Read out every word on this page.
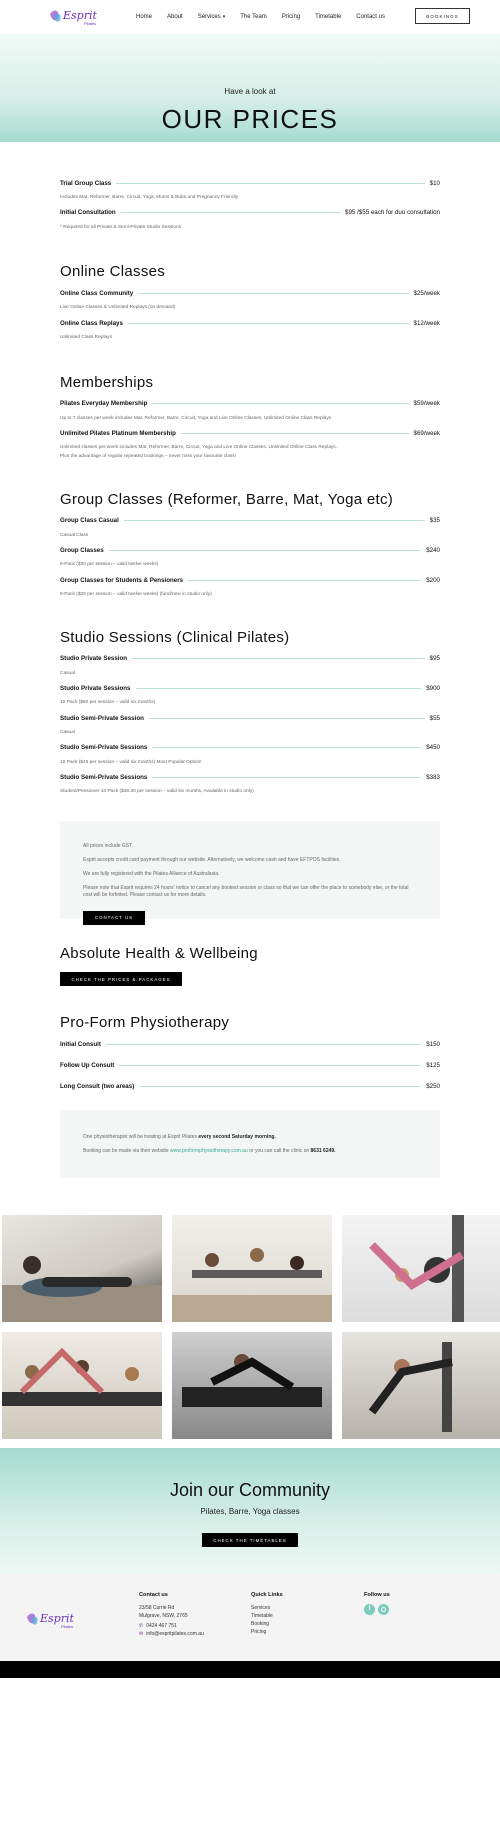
Esprit
Pilates
Home	About	Services ▾	The Team	Pricing	Timetable	Contact us	BOOKINGS
Have a look at
OUR PRICES
Trial Group Class	$10
Includes Mat, Reformer, Barre, Circuit, Yoga, Mums & Bubs and Pregnancy Friendly
Initial Consultation	$95 /$55 each for duo consultation
* Required for all Private & Semi-Private Studio Sessions
Online Classes
Online Class Community	$25/week
Live Online Classes & Unlimited Replays (on demand)
Online Class Replays	$12/week
Unlimited Class Replays
Memberships
Pilates Everyday Membership	$59/week
Up to 7 classes per week includes Mat, Reformer, Barre, Circuit, Yoga and Live Online Classes, Unlimited Online Class Replays
Unlimited Pilates Platinum Membership	$69/week
Unlimited classes per week includes Mat, Reformer, Barre, Circuit, Yoga and Live Online Classes, Unlimited Online Class Replays.
Plus the advantage of regular repeated bookings – never miss your favourite class!
Group Classes (Reformer, Barre, Mat, Yoga etc)
Group Class Casual	$35
Casual Class
Group Classes	$240
8-Pack ($30 per session – valid twelve weeks)
Group Classes for Students & Pensioners	$200
8-Pack ($25 per session – valid twelve weeks) (fund/new in studio only)
Studio Sessions (Clinical Pilates)
Studio Private Session	$95
Casual
Studio Private Sessions	$900
10 Pack ($90 per session – valid six months)
Studio Semi-Private Session	$55
Casual
Studio Semi-Private Sessions	$450
10 Pack ($45 per session – valid six months) Most Popular Option!
Studio Semi-Private Sessions	$383
Student/Pensioner 10 Pack ($38.30 per session – valid six months, Available in studio only)

All prices include GST.

Esprit accepts credit card payment through our website. Alternatively, we welcome cash and have EFTPOS facilities.

We are fully registered with the Pilates Alliance of Australasia.

Please note that Esprit requires 24 hours' notice to cancel any booked session or class so that we can offer the place to somebody else, or the total cost will be forfeited. Please contact us for more details.

CONTACT US
Absolute Health & Wellbeing
CHECK THE PRICES & PACKAGES
Pro-Form Physiotherapy
Initial Consult	$150
Follow Up Consult	$125
Long Consult (two areas)	$250

One physiotherapist will be treating at Esprit Pilates every second Saturday morning.

Booking can be made via their website www.proformphysiotherapy.com.au or you can call the clinic on 8631 6249.

Join our Community
Pilates, Barre, Yoga classes
CHECK THE TIMETABLES
Esprit
Pilates
Contact us
23/58 Currie Rd
Mulgrave, NSW, 2765
✆ 0424 467 751
✉ info@espritpilates.com.au
Quick Links
Services
Timetable
Booking
Pricing
Follow us
f
